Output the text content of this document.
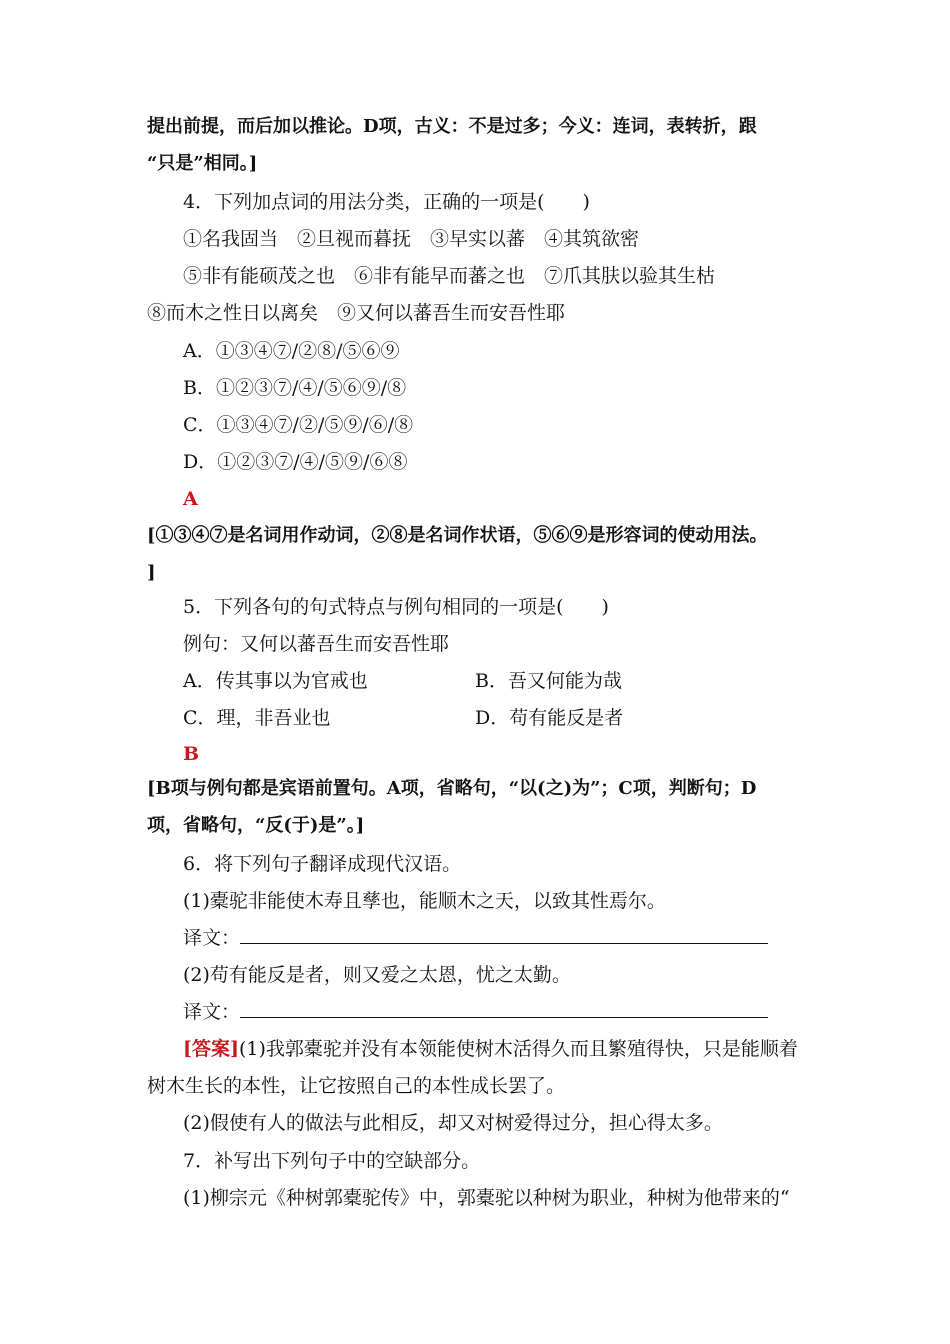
提出前提，而后加以推论。D项，古义：不是过多；今义：连词，表转折，跟
“只是”相同。]
4．下列加点词的用法分类，正确的一项是(　　)
①名我固当　②旦视而暮抚　③早实以蕃　④其筑欲密
⑤非有能硕茂之也　⑥非有能早而蕃之也　⑦爪其肤以验其生枯
⑧而木之性日以离矣　⑨又何以蕃吾生而安吾性耶
A．①③④⑦/②⑧/⑤⑥⑨
B．①②③⑦/④/⑤⑥⑨/⑧
C．①③④⑦/②/⑤⑨/⑥/⑧
D．①②③⑦/④/⑤⑨/⑥⑧
A
[①③④⑦是名词用作动词，②⑧是名词作状语，⑤⑥⑨是形容词的使动用法。
]
5．下列各句的句式特点与例句相同的一项是(　　)
例句：又何以蕃吾生而安吾性耶
A．传其事以为官戒也	B．吾又何能为哉
C．理，非吾业也	D．苟有能反是者
B
[B项与例句都是宾语前置句。A项，省略句，“以(之)为”；C项，判断句；D
项，省略句，“反(于)是”。]
6．将下列句子翻译成现代汉语。
(1)橐驼非能使木寿且孳也，能顺木之天，以致其性焉尔。
译文：
(2)苟有能反是者，则又爱之太恩，忧之太勤。
译文：
[答案](1)我郭橐驼并没有本领能使树木活得久而且繁殖得快，只是能顺着
树木生长的本性，让它按照自己的本性成长罢了。
(2)假使有人的做法与此相反，却又对树爱得过分，担心得太多。
7．补写出下列句子中的空缺部分。
(1)柳宗元《种树郭橐驼传》中，郭橐驼以种树为职业，种树为他带来的“
